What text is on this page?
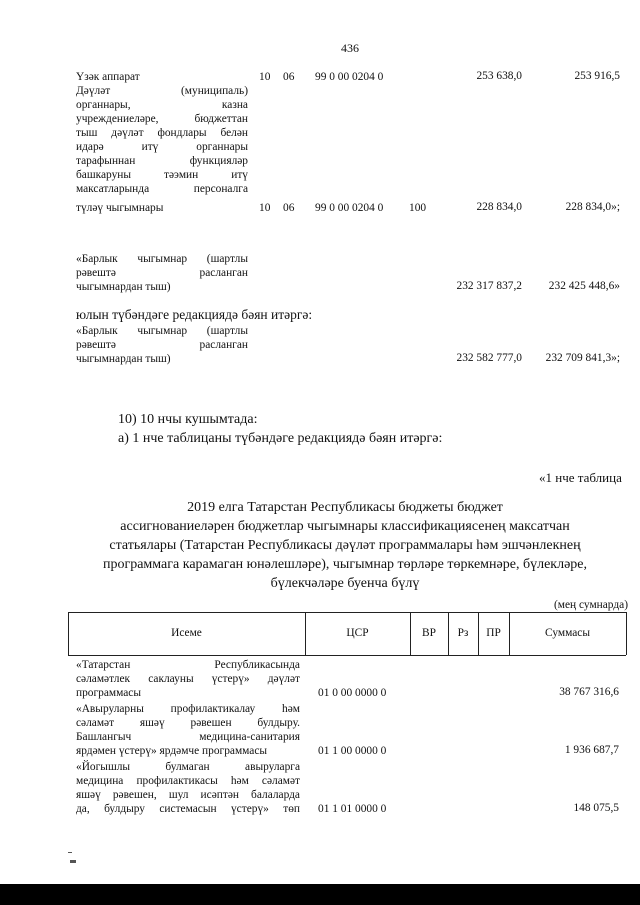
436
Үзәк аппарат	10 06 99 0 00 0204 0	253 638,0	253 916,5
Дәүләт (муниципаль)
органнары, казна
учреждениеләре, бюджеттан
тыш дәүләт фондлары белән
идарә итү органнары
тарафыннан функцияләр
башкаруны тәэмин итү
максатларында персоналга
түләү чыгымнары	10 06 99 0 00 0204 0 100	228 834,0	228 834,0»;
«Барлык чыгымнар (шартлы
рәвештә расланган
чыгымнардан тыш)	232 317 837,2	232 425 448,6»
юлын түбәндәге редакциядә бәян итәргә:
«Барлык чыгымнар (шартлы
рәвештә расланган
чыгымнардан тыш)	232 582 777,0	232 709 841,3»;
10) 10 нчы кушымтада:
а) 1 нче таблицаны түбәндәге редакциядә бәян итәргә:
«1 нче таблица
2019 елга Татарстан Республикасы бюджеты бюджет
ассигнованиеләрен бюджетлар чыгымнары классификациясенең максатчан
статьялары (Татарстан Республикасы дәүләт программалары һәм эшчәнлекнең
программага карамаган юнәлешләре), чыгымнар төрләре төркемнәре, бүлекләре,
бүлекчәләре буенча бүлү
(мең сумнарда)
Исеме	ЦСР	ВР	Рз	ПР	Суммасы
«Татарстан Республикасында
сәламәтлек саклауны үстерү» дәүләт
программасы	01 0 00 0000 0	38 767 316,6
«Авыруларны профилактикалау һәм
сәламәт яшәү рәвешен булдыру.
Башлангыч медицина-санитария
ярдәмен үстерү» ярдәмче программасы	01 1 00 0000 0	1 936 687,7
«Йогышлы булмаган авыруларга
медицина профилактикасы һәм сәламәт
яшәү рәвешен, шул исәптән балаларда
да, булдыру системасын үстерү» төп 01 1 01 0000 0	148 075,5
